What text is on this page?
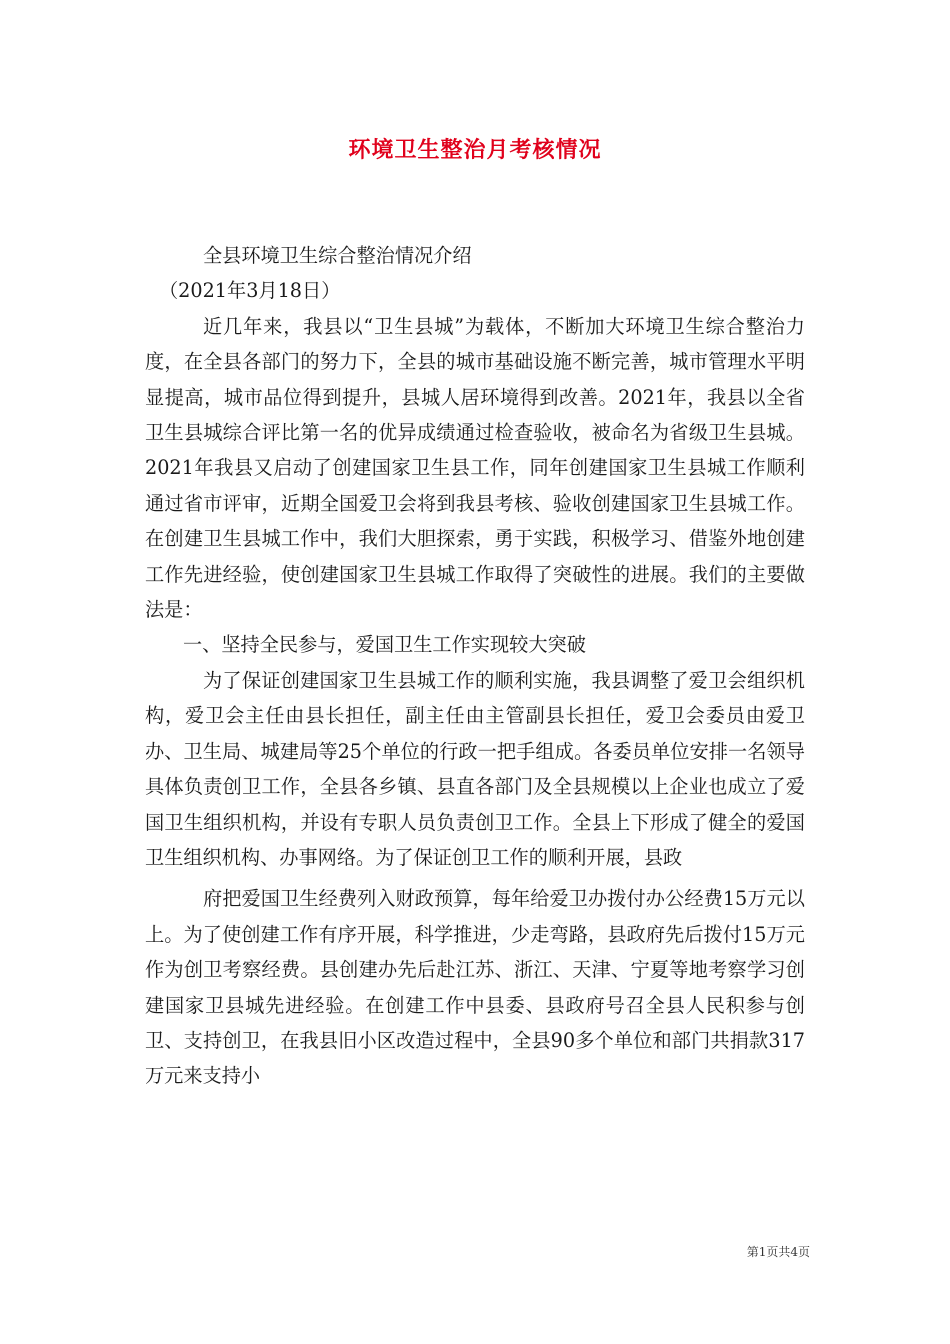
环境卫生整治月考核情况

全县环境卫生综合整治情况介绍

（2021年3月18日）

近几年来，我县以“卫生县城”为载体，不断加大环境卫生综合整治力度，在全县各部门的努力下，全县的城市基础设施不断完善，城市管理水平明显提高，城市品位得到提升，县城人居环境得到改善。2021年，我县以全省卫生县城综合评比第一名的优异成绩通过检查验收，被命名为省级卫生县城。2021年我县又启动了创建国家卫生县工作，同年创建国家卫生县城工作顺利通过省市评审，近期全国爱卫会将到我县考核、验收创建国家卫生县城工作。在创建卫生县城工作中，我们大胆探索，勇于实践，积极学习、借鉴外地创建工作先进经验，使创建国家卫生县城工作取得了突破性的进展。我们的主要做法是：

一、坚持全民参与，爱国卫生工作实现较大突破

为了保证创建国家卫生县城工作的顺利实施，我县调整了爱卫会组织机构，爱卫会主任由县长担任，副主任由主管副县长担任，爱卫会委员由爱卫办、卫生局、城建局等25个单位的行政一把手组成。各委员单位安排一名领导具体负责创卫工作，全县各乡镇、县直各部门及全县规模以上企业也成立了爱国卫生组织机构，并设有专职人员负责创卫工作。全县上下形成了健全的爱国卫生组织机构、办事网络。为了保证创卫工作的顺利开展，县政

府把爱国卫生经费列入财政预算，每年给爱卫办拨付办公经费15万元以上。为了使创建工作有序开展，科学推进，少走弯路，县政府先后拨付15万元作为创卫考察经费。县创建办先后赴江苏、浙江、天津、宁夏等地考察学习创建国家卫县城先进经验。在创建工作中县委、县政府号召全县人民积参与创卫、支持创卫，在我县旧小区改造过程中，全县90多个单位和部门共捐款317万元来支持小

第1页共4页
